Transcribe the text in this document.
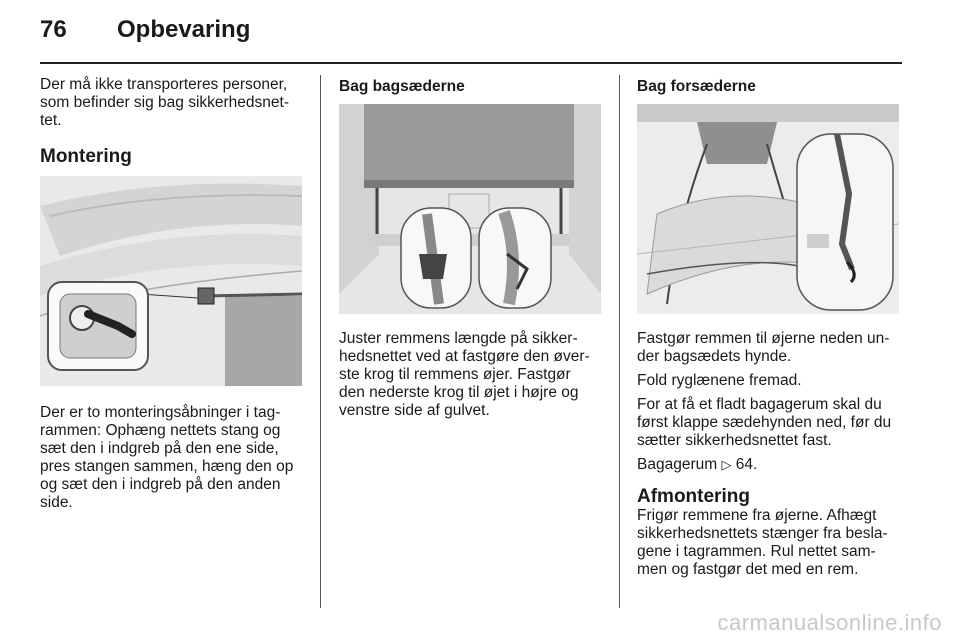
76 Opbevaring

Der må ikke transporteres personer,

som befinder sig bag sikkerhedsnet-

tet.

Montering

Der er to monteringsåbninger i tag-

rammen: Ophæng nettets stang og

sæt den i indgreb på den ene side,

pres stangen sammen, hæng den op

og sæt den i indgreb på den anden

side.

Bag bagsæderne

Juster remmens længde på sikker-

hedsnettet ved at fastgøre den øver-

ste krog til remmens øjer. Fastgør

den nederste krog til øjet i højre og

venstre side af gulvet.

Bag forsæderne

Fastgør remmen til øjerne neden un-

der bagsædets hynde.

Fold ryglænene fremad.

For at få et fladt bagagerum skal du

først klappe sædehynden ned, før du

sætter sikkerhedsnettet fast.

Bagagerum ▷ 64.

Afmontering

Frigør remmene fra øjerne. Afhægt

sikkerhedsnettets stænger fra besla-

gene i tagrammen. Rul nettet sam-

men og fastgør det med en rem.

carmanualsonline.info
